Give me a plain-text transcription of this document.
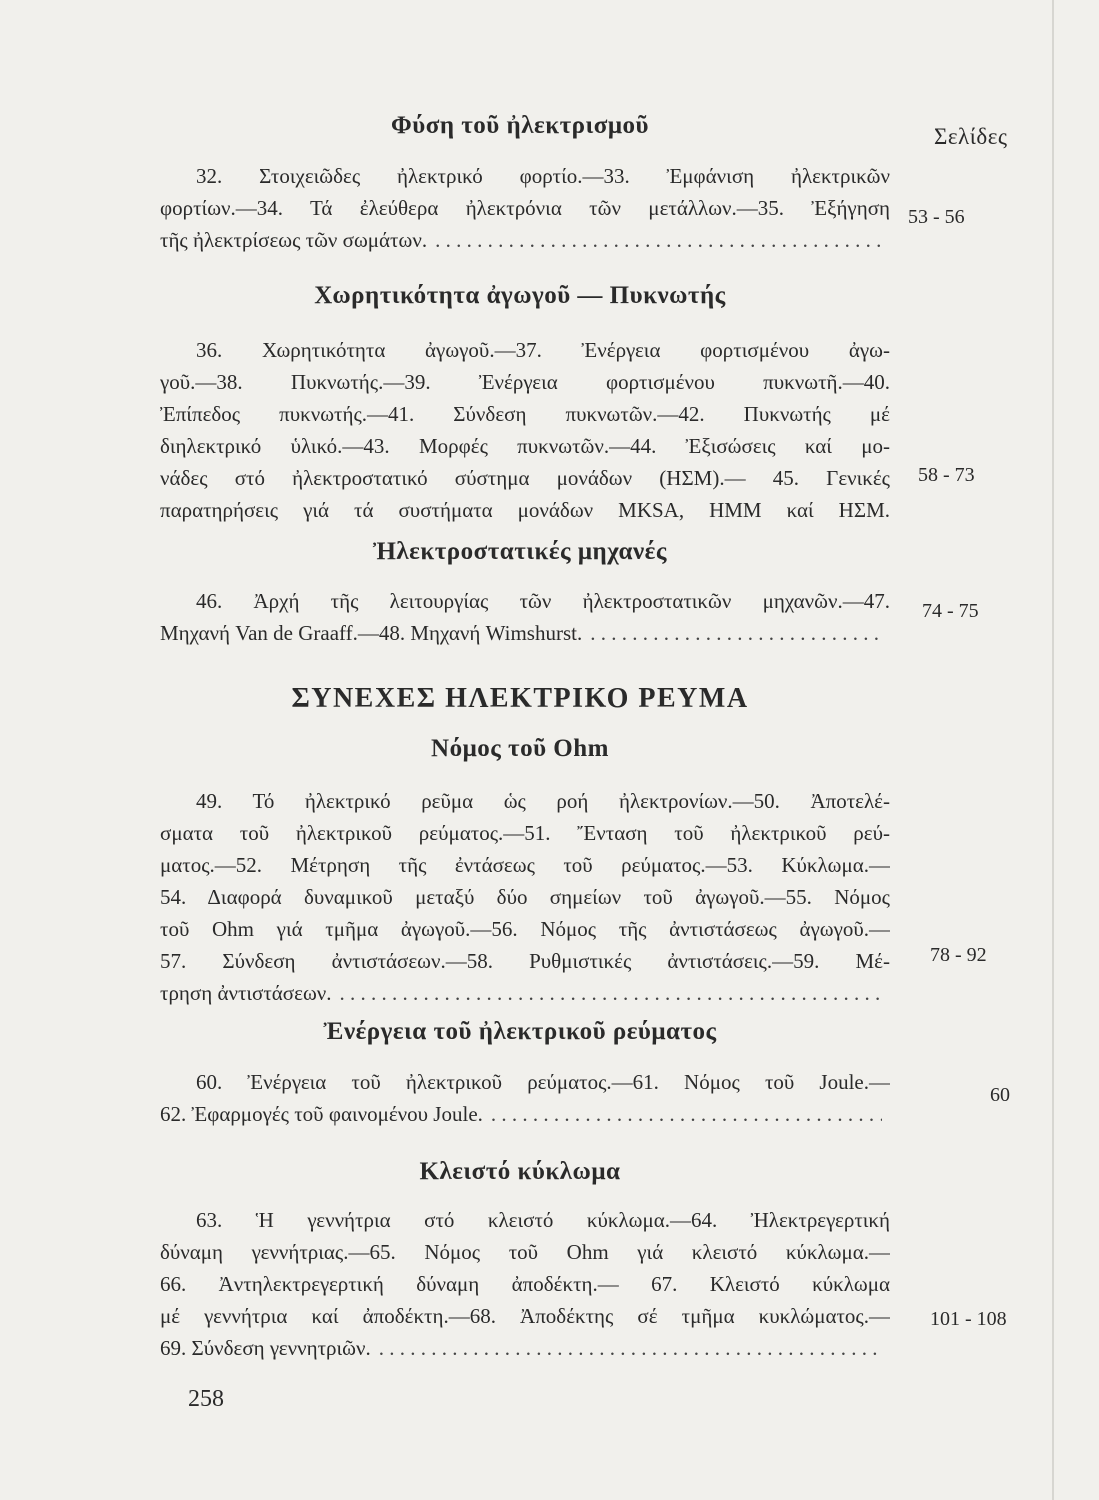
Σελίδες
Φύση τοῦ ἠλεκτρισμοῦ
32. Στοιχειῶδες ἠλεκτρικό φορτίο.—33. Ἐμφάνιση ἠλεκτρικῶν
φορτίων.—34. Τά ἐλεύθερα ἠλεκτρόνια τῶν μετάλλων.—35. Ἐξήγηση
τῆς ἠλεκτρίσεως τῶν σωμάτων.
. . .
53 - 56
Χωρητικότητα ἀγωγοῦ — Πυκνωτής
36. Χωρητικότητα ἀγωγοῦ.—37. Ἐνέργεια φορτισμένου ἀγω-
γοῦ.—38. Πυκνωτής.—39. Ἐνέργεια φορτισμένου πυκνωτῆ.—40.
Ἐπίπεδος πυκνωτής.—41. Σύνδεση πυκνωτῶν.—42. Πυκνωτής μέ
διηλεκτρικό ὑλικό.—43. Μορφές πυκνωτῶν.—44. Ἐξισώσεις καί μο-
νάδες στό ἠλεκτροστατικό σύστημα μονάδων (ΗΣΜ).— 45. Γενικές
παρατηρήσεις γιά τά συστήματα μονάδων MKSA, HMM καί ΗΣΜ.
58 - 73
Ἠλεκτροστατικές μηχανές
46. Ἀρχή τῆς λειτουργίας τῶν ἠλεκτροστατικῶν μηχανῶν.—47.
Μηχανή Van de Graaff.—48. Μηχανή Wimshurst.
. . .
74 - 75
ΣΥΝΕΧΕΣ ΗΛΕΚΤΡΙΚΟ ΡΕΥΜΑ
Νόμος τοῦ Ohm
49. Τό ἠλεκτρικό ρεῦμα ὡς ροή ἠλεκτρονίων.—50. Ἀποτελέ-
σματα τοῦ ἠλεκτρικοῦ ρεύματος.—51. Ἔνταση τοῦ ἠλεκτρικοῦ ρεύ-
ματος.—52. Μέτρηση τῆς ἐντάσεως τοῦ ρεύματος.—53. Κύκλωμα.—
54. Διαφορά δυναμικοῦ μεταξύ δύο σημείων τοῦ ἀγωγοῦ.—55. Νόμος
τοῦ Ohm γιά τμῆμα ἀγωγοῦ.—56. Νόμος τῆς ἀντιστάσεως ἀγωγοῦ.—
57. Σύνδεση ἀντιστάσεων.—58. Ρυθμιστικές ἀντιστάσεις.—59. Μέ-
τρηση ἀντιστάσεων.
. . .
78 - 92
Ἐνέργεια τοῦ ἠλεκτρικοῦ ρεύματος
60. Ἐνέργεια τοῦ ἠλεκτρικοῦ ρεύματος.—61. Νόμος τοῦ Joule.—
62. Ἐφαρμογές τοῦ φαινομένου Joule.
. . .
60
Κλειστό κύκλωμα
63. Ἡ γεννήτρια στό κλειστό κύκλωμα.—64. Ἠλεκτρεγερτική
δύναμη γεννήτριας.—65. Νόμος τοῦ Ohm γιά κλειστό κύκλωμα.—
66. Ἀντηλεκτρεγερτική δύναμη ἀποδέκτη.— 67. Κλειστό κύκλωμα
μέ γεννήτρια καί ἀποδέκτη.—68. Ἀποδέκτης σέ τμῆμα κυκλώματος.—
69. Σύνδεση γεννητριῶν.
. . .
101 - 108
258
